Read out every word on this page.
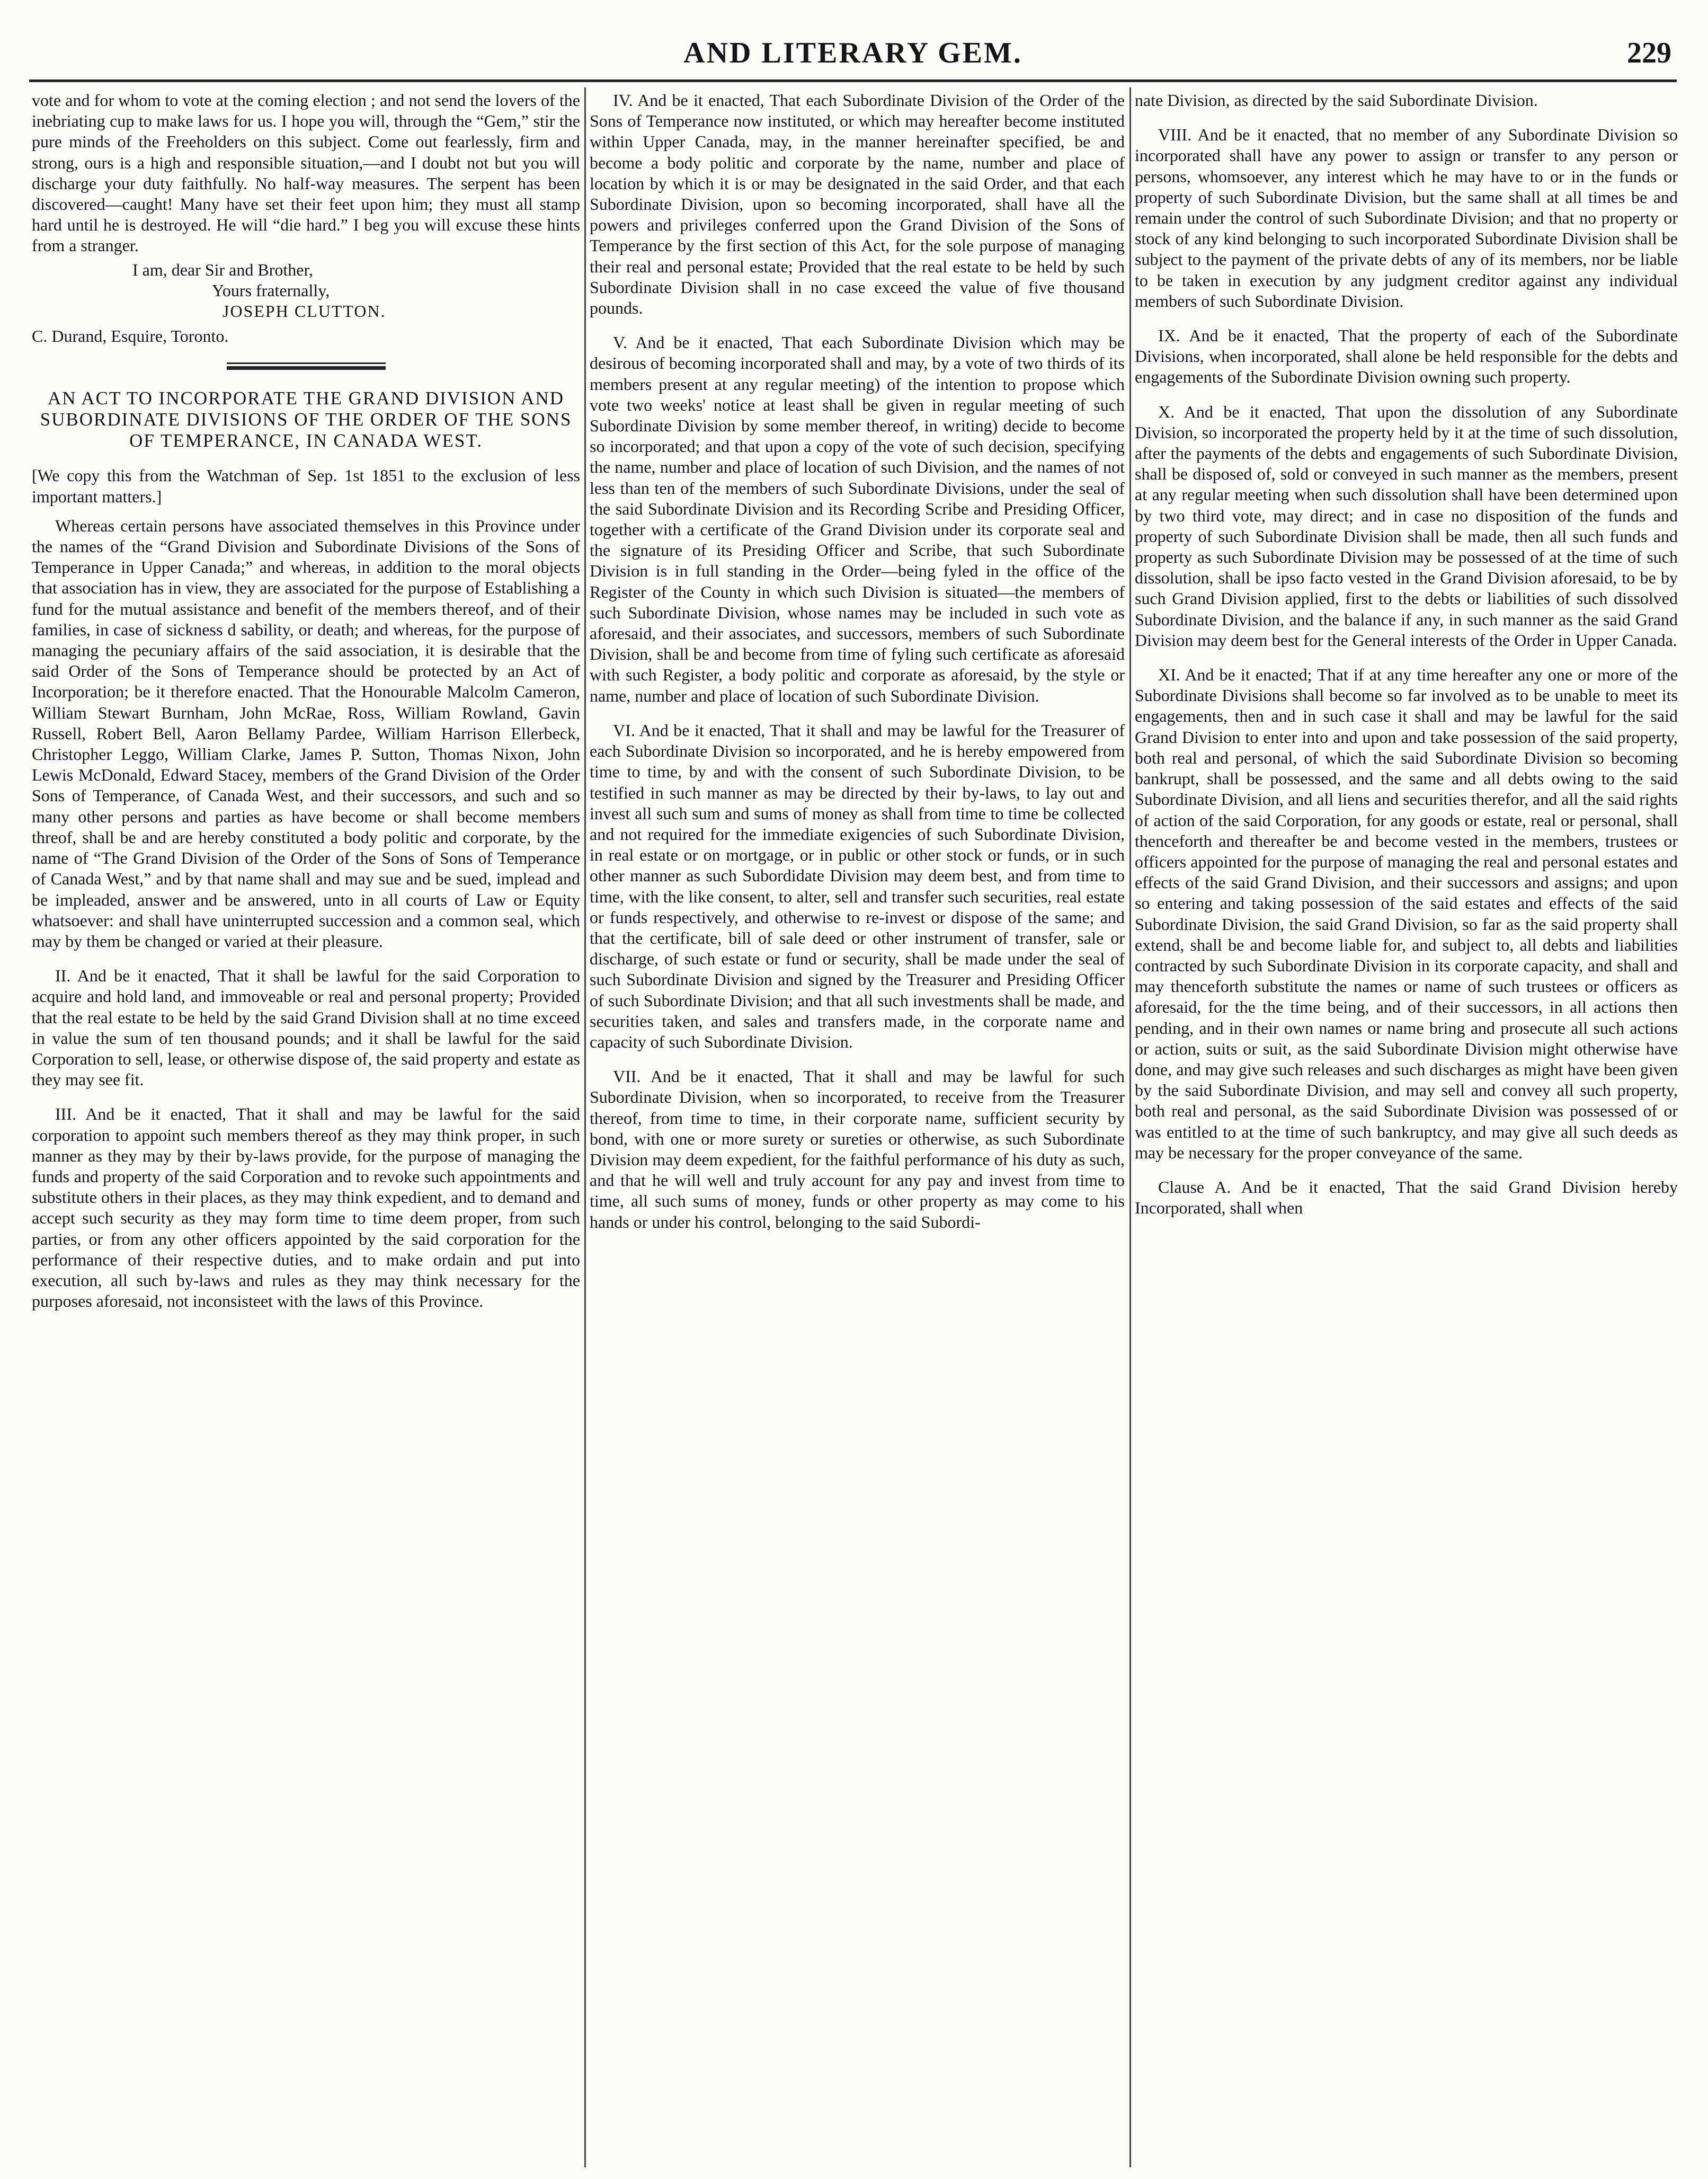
AND LITERARY GEM.	229

vote and for whom to vote at the coming election ; and not send the lovers of the inebriating cup to make laws for us. I hope you will, through the “Gem,” stir the pure minds of the Freeholders on this subject. Come out fearlessly, firm and strong, ours is a high and responsible situation,—and I doubt not but you will discharge your duty faithfully. No half-way measures. The serpent has been discovered—caught! Many have set their feet upon him; they must all stamp hard until he is destroyed. He will “die hard.” I beg you will excuse these hints from a stranger.

I am, dear Sir and Brother,

Yours fraternally,

JOSEPH CLUTTON.

C. Durand, Esquire, Toronto.

AN ACT TO INCORPORATE THE GRAND DIVISION AND SUBORDINATE DIVISIONS OF THE ORDER OF THE SONS OF TEMPERANCE, IN CANADA WEST.

[We copy this from the Watchman of Sep. 1st 1851 to the exclusion of less important matters.]

Whereas certain persons have associated themselves in this Province under the names of the “Grand Division and Subordinate Divisions of the Sons of Temperance in Upper Canada;” and whereas, in addition to the moral objects that association has in view, they are associated for the purpose of Establishing a fund for the mutual assistance and benefit of the members thereof, and of their families, in case of sickness d sability, or death; and whereas, for the purpose of managing the pecuniary affairs of the said association, it is desirable that the said Order of the Sons of Temperance should be protected by an Act of Incorporation; be it therefore enacted. That the Honourable Malcolm Cameron, William Stewart Burnham, John McRae, Ross, William Rowland, Gavin Russell, Robert Bell, Aaron Bellamy Pardee, William Harrison Ellerbeck, Christopher Leggo, William Clarke, James P. Sutton, Thomas Nixon, John Lewis McDonald, Edward Stacey, members of the Grand Division of the Order Sons of Temperance, of Canada West, and their successors, and such and so many other persons and parties as have become or shall become members threof, shall be and are hereby constituted a body politic and corporate, by the name of “The Grand Division of the Order of the Sons of Sons of Temperance of Canada West,” and by that name shall and may sue and be sued, implead and be impleaded, answer and be answered, unto in all courts of Law or Equity whatsoever: and shall have uninterrupted succession and a common seal, which may by them be changed or varied at their pleasure.

II. And be it enacted, That it shall be lawful for the said Corporation to acquire and hold land, and immoveable or real and personal property; Provided that the real estate to be held by the said Grand Division shall at no time exceed in value the sum of ten thousand pounds; and it shall be lawful for the said Corporation to sell, lease, or otherwise dispose of, the said property and estate as they may see fit.

III. And be it enacted, That it shall and may be lawful for the said corporation to appoint such members thereof as they may think proper, in such manner as they may by their by-laws provide, for the purpose of managing the funds and property of the said Corporation and to revoke such appointments and substitute others in their places, as they may think expedient, and to demand and accept such security as they may form time to time deem proper, from such parties, or from any other officers appointed by the said corporation for the performance of their respective duties, and to make ordain and put into execution, all such by-laws and rules as they may think necessary for the purposes aforesaid, not inconsisteet with the laws of this Province.

IV. And be it enacted, That each Subordinate Division of the Order of the Sons of Temperance now instituted, or which may hereafter become instituted within Upper Canada, may, in the manner hereinafter specified, be and become a body politic and corporate by the name, number and place of location by which it is or may be designated in the said Order, and that each Subordinate Division, upon so becoming incorporated, shall have all the powers and privileges conferred upon the Grand Division of the Sons of Temperance by the first section of this Act, for the sole purpose of managing their real and personal estate; Provided that the real estate to be held by such Subordinate Division shall in no case exceed the value of five thousand pounds.

V. And be it enacted, That each Subordinate Division which may be desirous of becoming incorporated shall and may, by a vote of two thirds of its members present at any regular meeting) of the intention to propose which vote two weeks' notice at least shall be given in regular meeting of such Subordinate Division by some member thereof, in writing) decide to become so incorporated; and that upon a copy of the vote of such decision, specifying the name, number and place of location of such Division, and the names of not less than ten of the members of such Subordinate Divisions, under the seal of the said Subordinate Division and its Recording Scribe and Presiding Officer, together with a certificate of the Grand Division under its corporate seal and the signature of its Presiding Officer and Scribe, that such Subordinate Division is in full standing in the Order—being fyled in the office of the Register of the County in which such Division is situated—the members of such Subordinate Division, whose names may be included in such vote as aforesaid, and their associates, and successors, members of such Subordinate Division, shall be and become from time of fyling such certificate as aforesaid with such Register, a body politic and corporate as aforesaid, by the style or name, number and place of location of such Subordinate Division.

VI. And be it enacted, That it shall and may be lawful for the Treasurer of each Subordinate Division so incorporated, and he is hereby empowered from time to time, by and with the consent of such Subordinate Division, to be testified in such manner as may be directed by their by-laws, to lay out and invest all such sum and sums of money as shall from time to time be collected and not required for the immediate exigencies of such Subordinate Division, in real estate or on mortgage, or in public or other stock or funds, or in such other manner as such Subordidate Division may deem best, and from time to time, with the like consent, to alter, sell and transfer such securities, real estate or funds respectively, and otherwise to re-invest or dispose of the same; and that the certificate, bill of sale deed or other instrument of transfer, sale or discharge, of such estate or fund or security, shall be made under the seal of such Subordinate Division and signed by the Treasurer and Presiding Officer of such Subordinate Division; and that all such investments shall be made, and securities taken, and sales and transfers made, in the corporate name and capacity of such Subordinate Division.

VII. And be it enacted, That it shall and may be lawful for such Subordinate Division, when so incorporated, to receive from the Treasurer thereof, from time to time, in their corporate name, sufficient security by bond, with one or more surety or sureties or otherwise, as such Subordinate Division may deem expedient, for the faithful performance of his duty as such, and that he will well and truly account for any pay and invest from time to time, all such sums of money, funds or other property as may come to his hands or under his control, belonging to the said Subordi-

nate Division, as directed by the said Subordinate Division.

VIII. And be it enacted, that no member of any Subordinate Division so incorporated shall have any power to assign or transfer to any person or persons, whomsoever, any interest which he may have to or in the funds or property of such Subordinate Division, but the same shall at all times be and remain under the control of such Subordinate Division; and that no property or stock of any kind belonging to such incorporated Subordinate Division shall be subject to the payment of the private debts of any of its members, nor be liable to be taken in execution by any judgment creditor against any individual members of such Subordinate Division.

IX. And be it enacted, That the property of each of the Subordinate Divisions, when incorporated, shall alone be held responsible for the debts and engagements of the Subordinate Division owning such property.

X. And be it enacted, That upon the dissolution of any Subordinate Division, so incorporated the property held by it at the time of such dissolution, after the payments of the debts and engagements of such Subordinate Division, shall be disposed of, sold or conveyed in such manner as the members, present at any regular meeting when such dissolution shall have been determined upon by two third vote, may direct; and in case no disposition of the funds and property of such Subordinate Division shall be made, then all such funds and property as such Subordinate Division may be possessed of at the time of such dissolution, shall be ipso facto vested in the Grand Division aforesaid, to be by such Grand Division applied, first to the debts or liabilities of such dissolved Subordinate Division, and the balance if any, in such manner as the said Grand Division may deem best for the General interests of the Order in Upper Canada.

XI. And be it enacted; That if at any time hereafter any one or more of the Subordinate Divisions shall become so far involved as to be unable to meet its engagements, then and in such case it shall and may be lawful for the said Grand Division to enter into and upon and take possession of the said property, both real and personal, of which the said Subordinate Division so becoming bankrupt, shall be possessed, and the same and all debts owing to the said Subordinate Division, and all liens and securities therefor, and all the said rights of action of the said Corporation, for any goods or estate, real or personal, shall thenceforth and thereafter be and become vested in the members, trustees or officers appointed for the purpose of managing the real and personal estates and effects of the said Grand Division, and their successors and assigns; and upon so entering and taking possession of the said estates and effects of the said Subordinate Division, the said Grand Division, so far as the said property shall extend, shall be and become liable for, and subject to, all debts and liabilities contracted by such Subordinate Division in its corporate capacity, and shall and may thenceforth substitute the names or name of such trustees or officers as aforesaid, for the the time being, and of their successors, in all actions then pending, and in their own names or name bring and prosecute all such actions or action, suits or suit, as the said Subordinate Division might otherwise have done, and may give such releases and such discharges as might have been given by the said Subordinate Division, and may sell and convey all such property, both real and personal, as the said Subordinate Division was possessed of or was entitled to at the time of such bankruptcy, and may give all such deeds as may be necessary for the proper conveyance of the same.

Clause A. And be it enacted, That the said Grand Division hereby Incorporated, shall when
